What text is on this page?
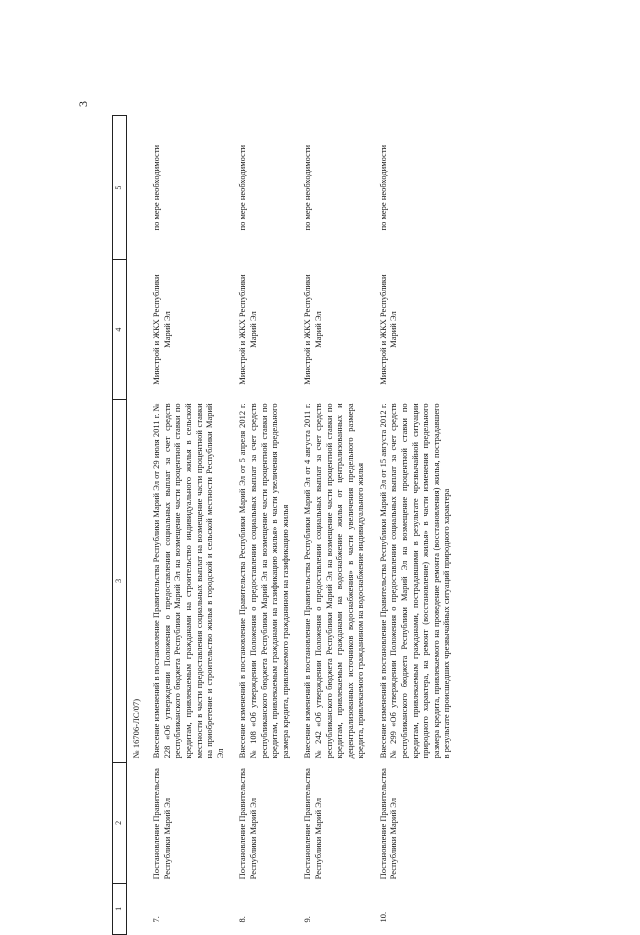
3
1	2	3	4	5
		№ 16706-ЛС/07)		
7.	Постановление Правительства Республики Марий Эл	Внесение изменений в постановление Правительства Республики Марий Эл от 29 июля 2011 г. № 228 «Об утверждении Положения о предоставлении социальных выплат за счет средств республиканского бюджета Республики Марий Эл на возмещение части процентной ставки по кредитам, привлекаемым гражданами на строительство индивидуального жилья в сельской местности в части предоставления социальных выплат на возмещение части процентной ставки на приобретение и строительство жилья в городской и сельской местности Республики Марий Эл	Минстрой и ЖКХ Республики Марий Эл	по мере необходимости
8.	Постановление Правительства Республики Марий Эл	Внесение изменений в постановление Правительства Республики Марий Эл от 5 апреля 2012 г. № 108 «Об утверждении Положения о предоставлении социальных выплат за счет средств республиканского бюджета Республики Марий Эл на возмещение части процентной ставки по кредитам, привлекаемым гражданами на газификацию жилья» в части увеличения предельного размера кредита, привлекаемого гражданином на газификацию жилья	Минстрой и ЖКХ Республики Марий Эл	по мере необходимости
9.	Постановление Правительства Республики Марий Эл	Внесение изменений в постановление Правительства Республики Марий Эл от 4 августа 2011 г. № 242 «Об утверждении Положения о предоставлении социальных выплат за счет средств республиканского бюджета Республики Марий Эл на возмещение части процентной ставки по кредитам, привлекаемым гражданами на водоснабжение жилья от централизованных и децентрализованных источников водоснабжения» в части увеличения предельного размера кредита, привлекаемого гражданином на водоснабжение индивидуального жилья	Минстрой и ЖКХ Республики Марий Эл	по мере необходимости
10.	Постановление Правительства Республики Марий Эл	Внесение изменений в постановление Правительства Республики Марий Эл от 15 августа 2012 г. № 299 «Об утверждении Положения о предоставлении социальных выплат за счет средств республиканского бюджета Республики Марий Эл на возмещение процентной ставки по кредитам, привлекаемым гражданами, пострадавшими в результате чрезвычайной ситуации природного характера, на ремонт (восстановление) жилья» в части изменения предельного размера кредита, привлекаемого на проведение ремонта (восстановления) жилья, пострадавшего в результате происшедших чрезвычайных ситуаций природного характера	Минстрой и ЖКХ Республики Марий Эл	по мере необходимости
